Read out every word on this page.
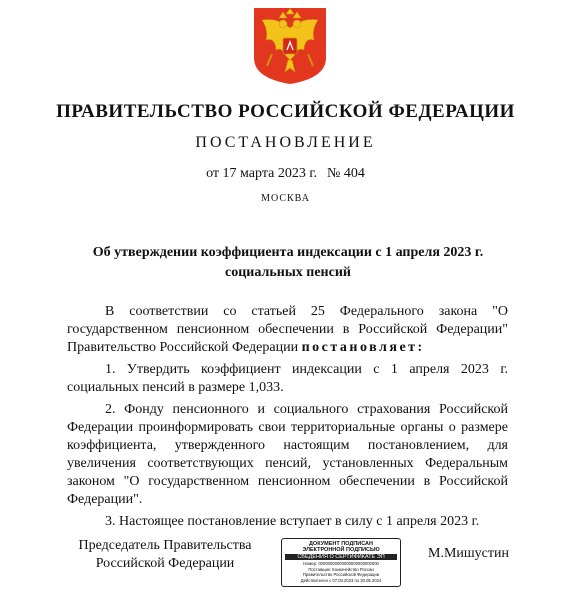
ПРАВИТЕЛЬСТВО РОССИЙСКОЙ ФЕДЕРАЦИИ
ПОСТАНОВЛЕНИЕ
от 17 марта 2023 г. № 404
МОСКВА
Об утверждении коэффициента индексации с 1 апреля 2023 г.
социальных пенсий

В соответствии со статьей 25 Федерального закона "О государственном пенсионном обеспечении в Российской Федерации" Правительство Российской Федерации постановляет:

1. Утвердить коэффициент индексации с 1 апреля 2023 г. социальных пенсий в размере 1,033.

2. Фонду пенсионного и социального страхования Российской Федерации проинформировать свои территориальные органы о размере коэффициента, утвержденного настоящим постановлением, для увеличения соответствующих пенсий, установленных Федеральным законом "О государственном пенсионном обеспечении в Российской Федерации".

3. Настоящее постановление вступает в силу с 1 апреля 2023 г.

Председатель Правительства
Российской Федерации
ДОКУМЕНТ ПОДПИСАН
ЭЛЕКТРОННОЙ ПОДПИСЬЮ
СВЕДЕНИЯ О СЕРТИФИКАТЕ ЭП
Номер: 00000000000000000000000000
Поставщик: Казначейство России
Правительство Российской Федерации
Действителен с 07.03.2023 по 30.05.2024
М.Мишустин
